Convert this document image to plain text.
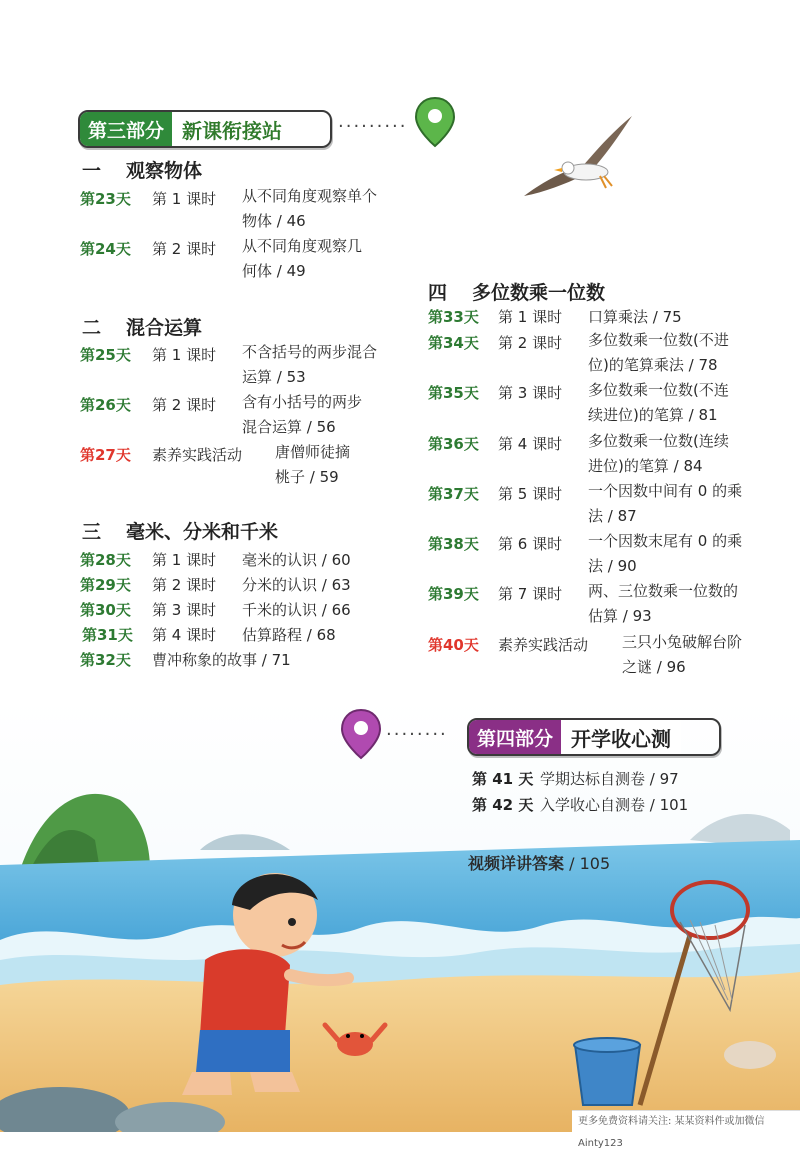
第三部分 新课衔接站	·········
一 观察物体
第23天 第 1 课时 从不同角度观察单个
物体 / 46
第24天 第 2 课时 从不同角度观察几
何体 / 49
二 混合运算
第25天 第 1 课时 不含括号的两步混合
运算 / 53
第26天 第 2 课时 含有小括号的两步
混合运算 / 56
第27天 素养实践活动 唐僧师徒摘
桃子 / 59
三 毫米、分米和千米
第28天 第 1 课时 毫米的认识 / 60
第29天 第 2 课时 分米的认识 / 63
第30天 第 3 课时 千米的认识 / 66
第31天 第 4 课时 估算路程 / 68
第32天 曹冲称象的故事 / 71
四 多位数乘一位数
第33天 第 1 课时 口算乘法 / 75
第34天 第 2 课时 多位数乘一位数(不进
位)的笔算乘法 / 78
第35天 第 3 课时 多位数乘一位数(不连
续进位)的笔算 / 81
第36天 第 4 课时 多位数乘一位数(连续
进位)的笔算 / 84
第37天 第 5 课时 一个因数中间有 0 的乘
法 / 87
第38天 第 6 课时 一个因数末尾有 0 的乘
法 / 90
第39天 第 7 课时 两、三位数乘一位数的
估算 / 93
第40天 素养实践活动 三只小兔破解台阶
之谜 / 96
········	第四部分 开学收心测
第 41 天 学期达标自测卷 / 97
第 42 天 入学收心自测卷 / 101
视频详讲答案 / 105
更多免费资料请关注: 某某资料件或加微信 Ainty123
